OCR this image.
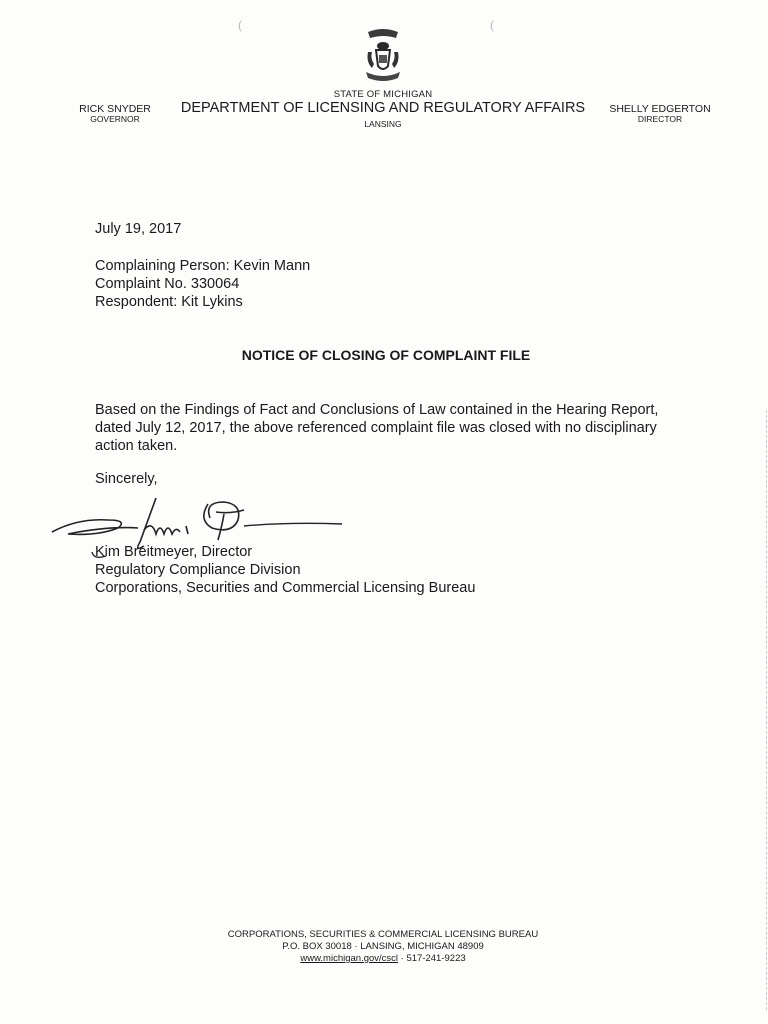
(	(
STATE OF MICHIGAN
DEPARTMENT OF LICENSING AND REGULATORY AFFAIRS
LANSING
RICK SNYDER
GOVERNOR
SHELLY EDGERTON
DIRECTOR
July 19, 2017
Complaining Person: Kevin Mann
Complaint No. 330064
Respondent: Kit Lykins
NOTICE OF CLOSING OF COMPLAINT FILE
Based on the Findings of Fact and Conclusions of Law contained in the Hearing Report,
dated July 12, 2017, the above referenced complaint file was closed with no disciplinary
action taken.
Sincerely,
Kim Breitmeyer, Director
Regulatory Compliance Division
Corporations, Securities and Commercial Licensing Bureau
CORPORATIONS, SECURITIES & COMMERCIAL LICENSING BUREAU
P.O. BOX 30018 · LANSING, MICHIGAN 48909
www.michigan.gov/cscl · 517-241-9223
